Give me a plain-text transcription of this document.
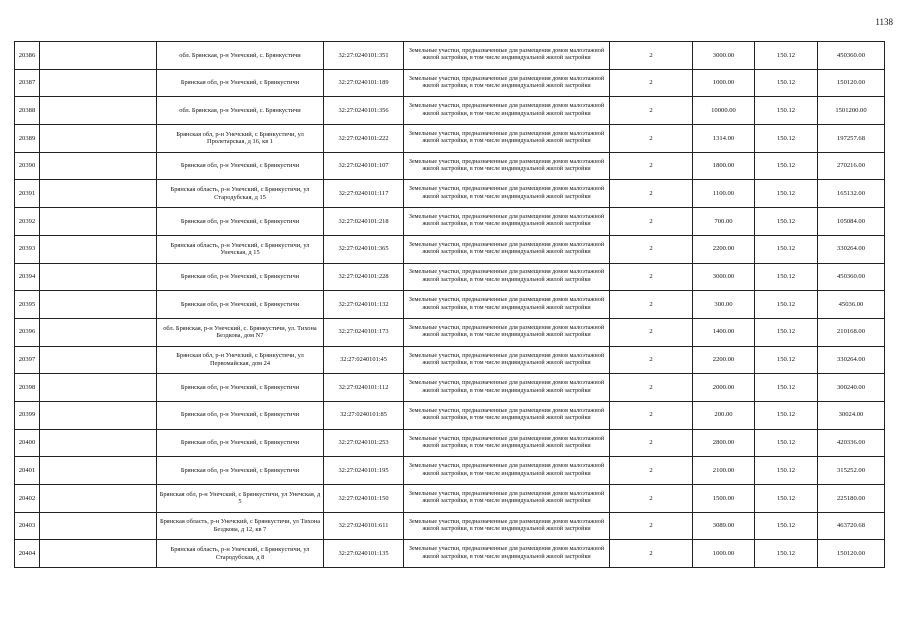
1138
20386		обл. Брянская, р-н Унечский, с. Брянкустичи	32:27:0240101:351	Земельные участки, предназначенные для размещения домов малоэтажной жилой застройки, в том числе индивидуальной жилой застройки	2	3000.00	150.12	450360.00
20387		Брянская обл, р-н Унечский, с Брянкустичи	32:27:0240101:189	Земельные участки, предназначенные для размещения домов малоэтажной жилой застройки, в том числе индивидуальной жилой застройки	2	1000.00	150.12	150120.00
20388		обл. Брянская, р-н Унечский, с. Брянкустичи	32:27:0240101:356	Земельные участки, предназначенные для размещения домов малоэтажной жилой застройки, в том числе индивидуальной жилой застройки	2	10000.00	150.12	1501200.00
20389		Брянская обл, р-н Унечский, с Брянкустичи, ул Пролетарская, д 16, кв 1	32:27:0240101:222	Земельные участки, предназначенные для размещения домов малоэтажной жилой застройки, в том числе индивидуальной жилой застройки	2	1314.00	150.12	197257.68
20390		Брянская обл, р-н Унечский, с Брянкустичи	32:27:0240101:107	Земельные участки, предназначенные для размещения домов малоэтажной жилой застройки, в том числе индивидуальной жилой застройки	2	1800.00	150.12	270216.00
20391		Брянская область, р-н Унечский, с Брянкустичи, ул Стародубская, д 15	32:27:0240101:117	Земельные участки, предназначенные для размещения домов малоэтажной жилой застройки, в том числе индивидуальной жилой застройки	2	1100.00	150.12	165132.00
20392		Брянская обл, р-н Унечский, с Брянкустичи	32:27:0240101:218	Земельные участки, предназначенные для размещения домов малоэтажной жилой застройки, в том числе индивидуальной жилой застройки	2	700.00	150.12	105084.00
20393		Брянская область, р-н Унечский, с Брянкустичи, ул Унечская, д 15	32:27:0240101:365	Земельные участки, предназначенные для размещения домов малоэтажной жилой застройки, в том числе индивидуальной жилой застройки	2	2200.00	150.12	330264.00
20394		Брянская обл, р-н Унечский, с Брянкустичи	32:27:0240101:228	Земельные участки, предназначенные для размещения домов малоэтажной жилой застройки, в том числе индивидуальной жилой застройки	2	3000.00	150.12	450360.00
20395		Брянская обл, р-н Унечский, с Брянкустичи	32:27:0240101:132	Земельные участки, предназначенные для размещения домов малоэтажной жилой застройки, в том числе индивидуальной жилой застройки	2	300.00	150.12	45036.00
20396		обл. Брянская, р-н Унечский, с. Брянкустичи, ул. Тихона Бездкова, дом N7	32:27:0240101:173	Земельные участки, предназначенные для размещения домов малоэтажной жилой застройки, в том числе индивидуальной жилой застройки	2	1400.00	150.12	210168.00
20397		Брянская обл, р-н Унечский, с Брянкустичи, ул Первомайская, дом 24	32:27:0240101:45	Земельные участки, предназначенные для размещения домов малоэтажной жилой застройки, в том числе индивидуальной жилой застройки	2	2200.00	150.12	330264.00
20398		Брянская обл, р-н Унечский, с Брянкустичи	32:27:0240101:112	Земельные участки, предназначенные для размещения домов малоэтажной жилой застройки, в том числе индивидуальной жилой застройки	2	2000.00	150.12	300240.00
20399		Брянская обл, р-н Унечский, с Брянкустичи	32:27:0240101:85	Земельные участки, предназначенные для размещения домов малоэтажной жилой застройки, в том числе индивидуальной жилой застройки	2	200.00	150.12	30024.00
20400		Брянская обл, р-н Унечский, с Брянкустичи	32:27:0240101:253	Земельные участки, предназначенные для размещения домов малоэтажной жилой застройки, в том числе индивидуальной жилой застройки	2	2800.00	150.12	420336.00
20401		Брянская обл, р-н Унечский, с Брянкустичи	32:27:0240101:195	Земельные участки, предназначенные для размещения домов малоэтажной жилой застройки, в том числе индивидуальной жилой застройки	2	2100.00	150.12	315252.00
20402		Брянская обл, р-н Унечский, с Брянкустичи, ул Унечская, д 5	32:27:0240101:150	Земельные участки, предназначенные для размещения домов малоэтажной жилой застройки, в том числе индивидуальной жилой застройки	2	1500.00	150.12	225180.00
20403		Брянская область, р-н Унечский, с Брянкустичи, ул Тихона Бездкова, д 12, кв 7	32:27:0240101:611	Земельные участки, предназначенные для размещения домов малоэтажной жилой застройки, в том числе индивидуальной жилой застройки	2	3089.00	150.12	463720.68
20404		Брянская область, р-н Унечский, с Брянкустичи, ул Стародубская, д 8	32:27:0240101:135	Земельные участки, предназначенные для размещения домов малоэтажной жилой застройки, в том числе индивидуальной жилой застройки	2	1000.00	150.12	150120.00
